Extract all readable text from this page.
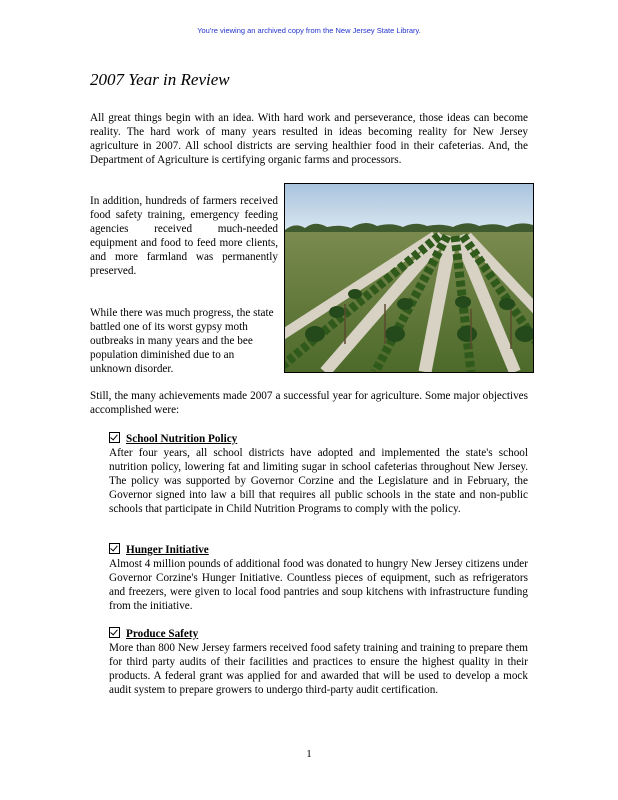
You're viewing an archived copy from the New Jersey State Library.
2007 Year in Review

All great things begin with an idea. With hard work and perseverance, those ideas can become reality. The hard work of many years resulted in ideas becoming reality for New Jersey agriculture in 2007. All school districts are serving healthier food in their cafeterias. And, the Department of Agriculture is certifying organic farms and processors.

In addition, hundreds of farmers received food safety training, emergency feeding agencies received much-needed equipment and food to feed more clients, and more farmland was permanently preserved.

While there was much progress, the state battled one of its worst gypsy moth outbreaks in many years and the bee population diminished due to an unknown disorder.

Still, the many achievements made 2007 a successful year for agriculture. Some major objectives accomplished were:

School Nutrition Policy

After four years, all school districts have adopted and implemented the state's school nutrition policy, lowering fat and limiting sugar in school cafeterias throughout New Jersey. The policy was supported by Governor Corzine and the Legislature and in February, the Governor signed into law a bill that requires all public schools in the state and non-public schools that participate in Child Nutrition Programs to comply with the policy.

Hunger Initiative

Almost 4 million pounds of additional food was donated to hungry New Jersey citizens under Governor Corzine's Hunger Initiative. Countless pieces of equipment, such as refrigerators and freezers, were given to local food pantries and soup kitchens with infrastructure funding from the initiative.

Produce Safety

More than 800 New Jersey farmers received food safety training and training to prepare them for third party audits of their facilities and practices to ensure the highest quality in their products. A federal grant was applied for and awarded that will be used to develop a mock audit system to prepare growers to undergo third-party audit certification.

1
